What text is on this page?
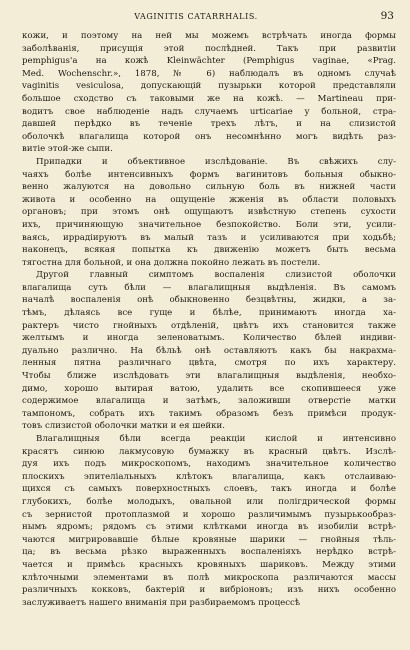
VAGINITIS CATARRHALIS.	93
кожи, и поэтому на ней мы можемъ встрѣчать иногда формы
заболѣванія, присущія этой послѣдней. Такъ при развитіи
pemphigus'а на кожѣ Kleinwächter (Pemphigus vaginae, «Prag.
Med. Wochenschr.», 1878, № 6) наблюдалъ въ одномъ случаѣ
vaginitis vesiculosa, допускающій пузырьки которой представляли
большое сходство съ таковыми же на кожѣ. — Martineau при-
водитъ свое наблюденіе надъ случаемъ urticariae у больной, стра-
давшей перѣдко въ теченіе трехъ лѣтъ, и на слизистой
оболочкѣ влагалища которой онъ несомнѣнно могъ видѣть раз-
витіе этой-же сыпи.
Припадки и объективное изслѣдованіе. Въ свѣжихъ слу-
чаяхъ болѣе интенсивныхъ формъ вагинитовъ больныя обыкно-
венно жалуются на довольно сильную боль въ нижней части
живота и особенно на ощущеніе жженія въ области половыхъ
органовъ; при этомъ онѣ ощущаютъ извѣстную степень сухости
ихъ, причиняющую значительное безпокойство. Боли эти, усили-
ваясь, иррадіируютъ въ малый тазъ и усиливаются при ходьбѣ;
наконецъ, всякая попытка къ движенію можетъ быть весьма
тягостна для больной, и она должна покойно лежать въ постели.
Другой главный симптомъ воспаленія слизистой оболочки
влагалища суть бѣли — влагалищныя выдѣленія. Въ самомъ
началѣ воспаленія онѣ обыкновенно безцвѣтны, жидки, а за-
тѣмъ, дѣлаясь все гуще и бѣлѣе, принимаютъ иногда ха-
рактеръ чисто гнойныхъ отдѣленій, цвѣтъ ихъ становится также
желтымъ и иногда зеленоватымъ. Количество бѣлей индиви-
дуально различно. На бѣльѣ онѣ оставляютъ какъ бы накрахма-
ленныя пятна различнаго цвѣта, смотря по ихъ характеру.
Чтобы ближе изслѣдовать эти влагалищныя выдѣленія, необхо-
димо, хорошо вытирая ватою, удалить все скопившееся уже
содержимое влагалища и затѣмъ, заложивши отверстіе матки
тампономъ, собрать ихъ такимъ образомъ безъ примѣси продук-
товъ слизистой оболочки матки и ея шейки.
Влагалищныя бѣли всегда реакціи кислой и интенсивно
красятъ синюю лакмусовую бумажку въ красный цвѣтъ. Изслѣ-
дуя ихъ подъ микроскопомъ, находимъ значительное количество
плоскихъ эпителіальныхъ клѣтокъ влагалища, какъ отслаиваю-
щихся съ самыхъ поверхностныхъ слоевъ, такъ иногда и болѣе
глубокихъ, болѣе молодыхъ, овальной или полігдрической формы
съ зернистой протоплазмой и хорошо различимымъ пузырькообраз-
нымъ ядромъ; рядомъ съ этими клѣтками иногда въ изобиліи встрѣ-
чаются мигрировавшіе бѣлые кровяные шарики — гнойныя тѣль-
ца; въ весьма рѣзко выраженныхъ воспаленіяхъ нерѣдко встрѣ-
чается и примѣсь красныхъ кровяныхъ шариковъ. Между этими
клѣточными элементами въ полѣ микроскопа различаются массы
различныхъ кокковъ, бактерій и вибріоновъ; изъ нихъ особенно
заслуживаетъ нашего вниманія при разбираемомъ процессѣ
